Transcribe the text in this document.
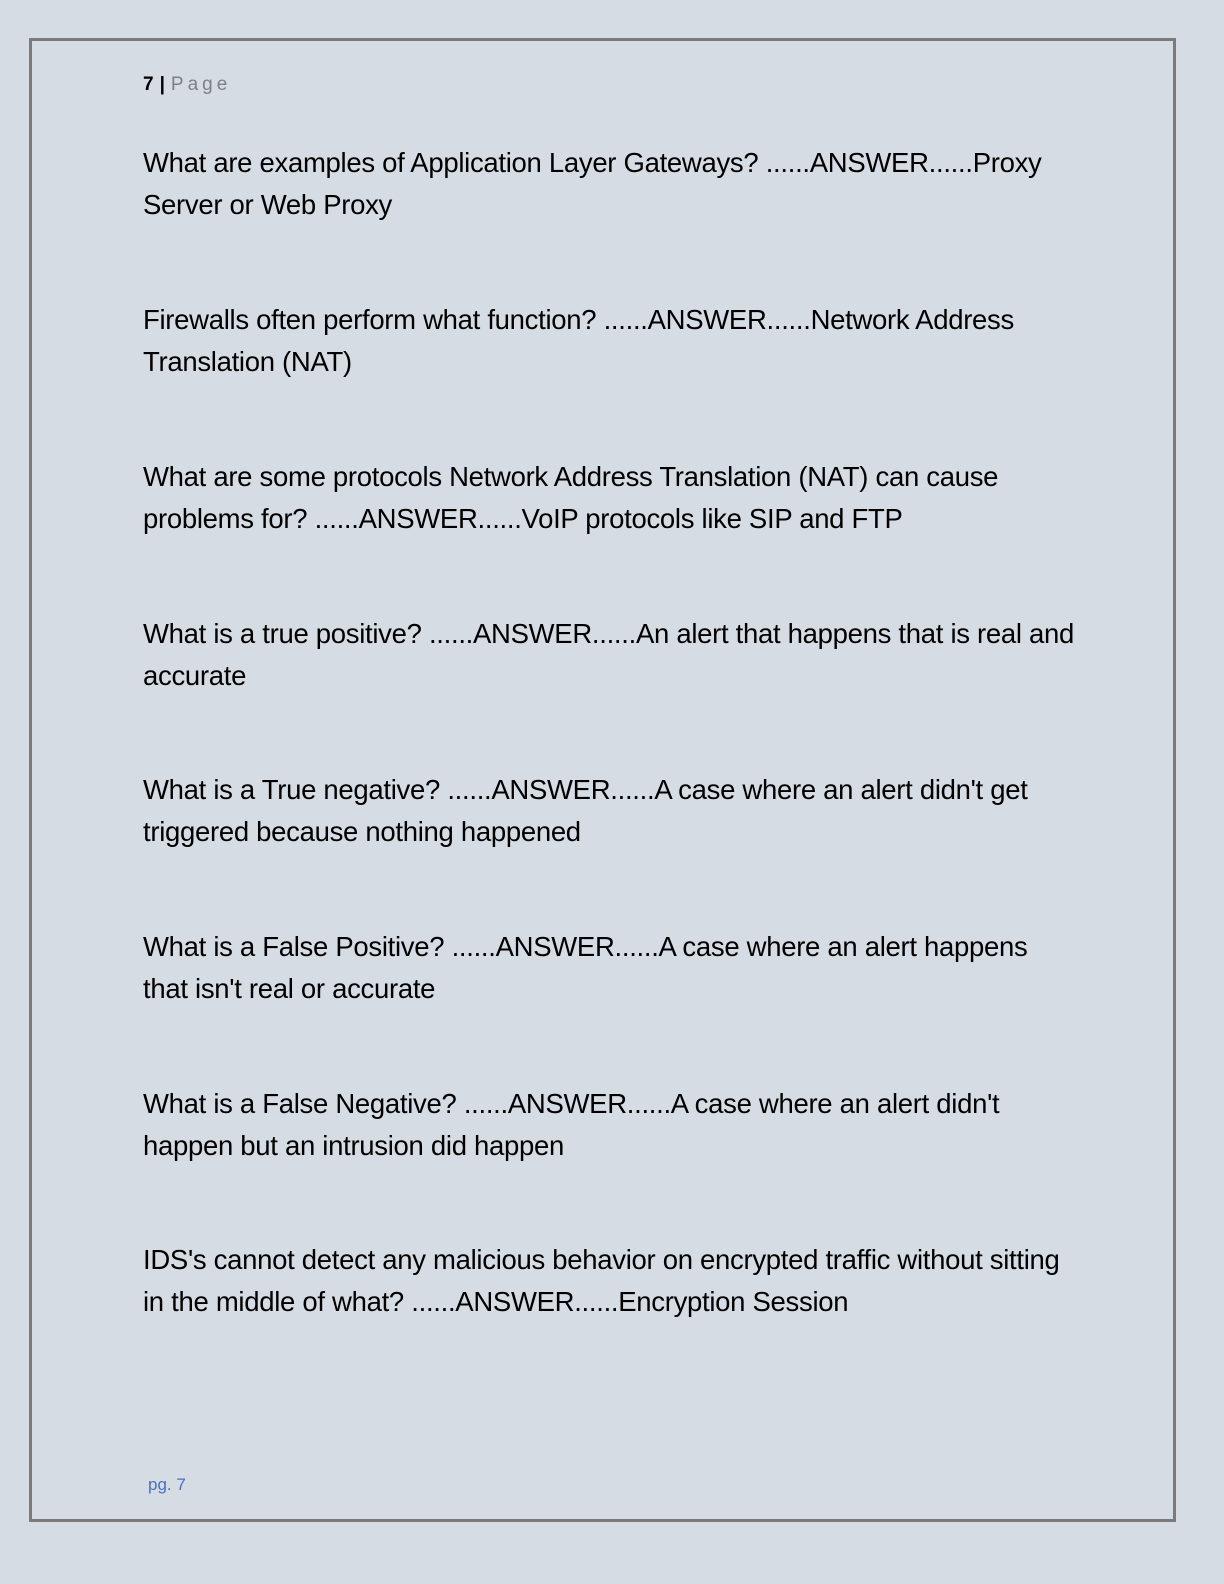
7 | Page

What are examples of Application Layer Gateways? ......ANSWER......Proxy Server or Web Proxy

Firewalls often perform what function? ......ANSWER......Network Address Translation (NAT)

What are some protocols Network Address Translation (NAT) can cause problems for? ......ANSWER......VoIP protocols like SIP and FTP

What is a true positive? ......ANSWER......An alert that happens that is real and accurate

What is a True negative? ......ANSWER......A case where an alert didn't get triggered because nothing happened

What is a False Positive? ......ANSWER......A case where an alert happens that isn't real or accurate

What is a False Negative? ......ANSWER......A case where an alert didn't happen but an intrusion did happen

IDS's cannot detect any malicious behavior on encrypted traffic without sitting in the middle of what? ......ANSWER......Encryption Session

pg. 7
